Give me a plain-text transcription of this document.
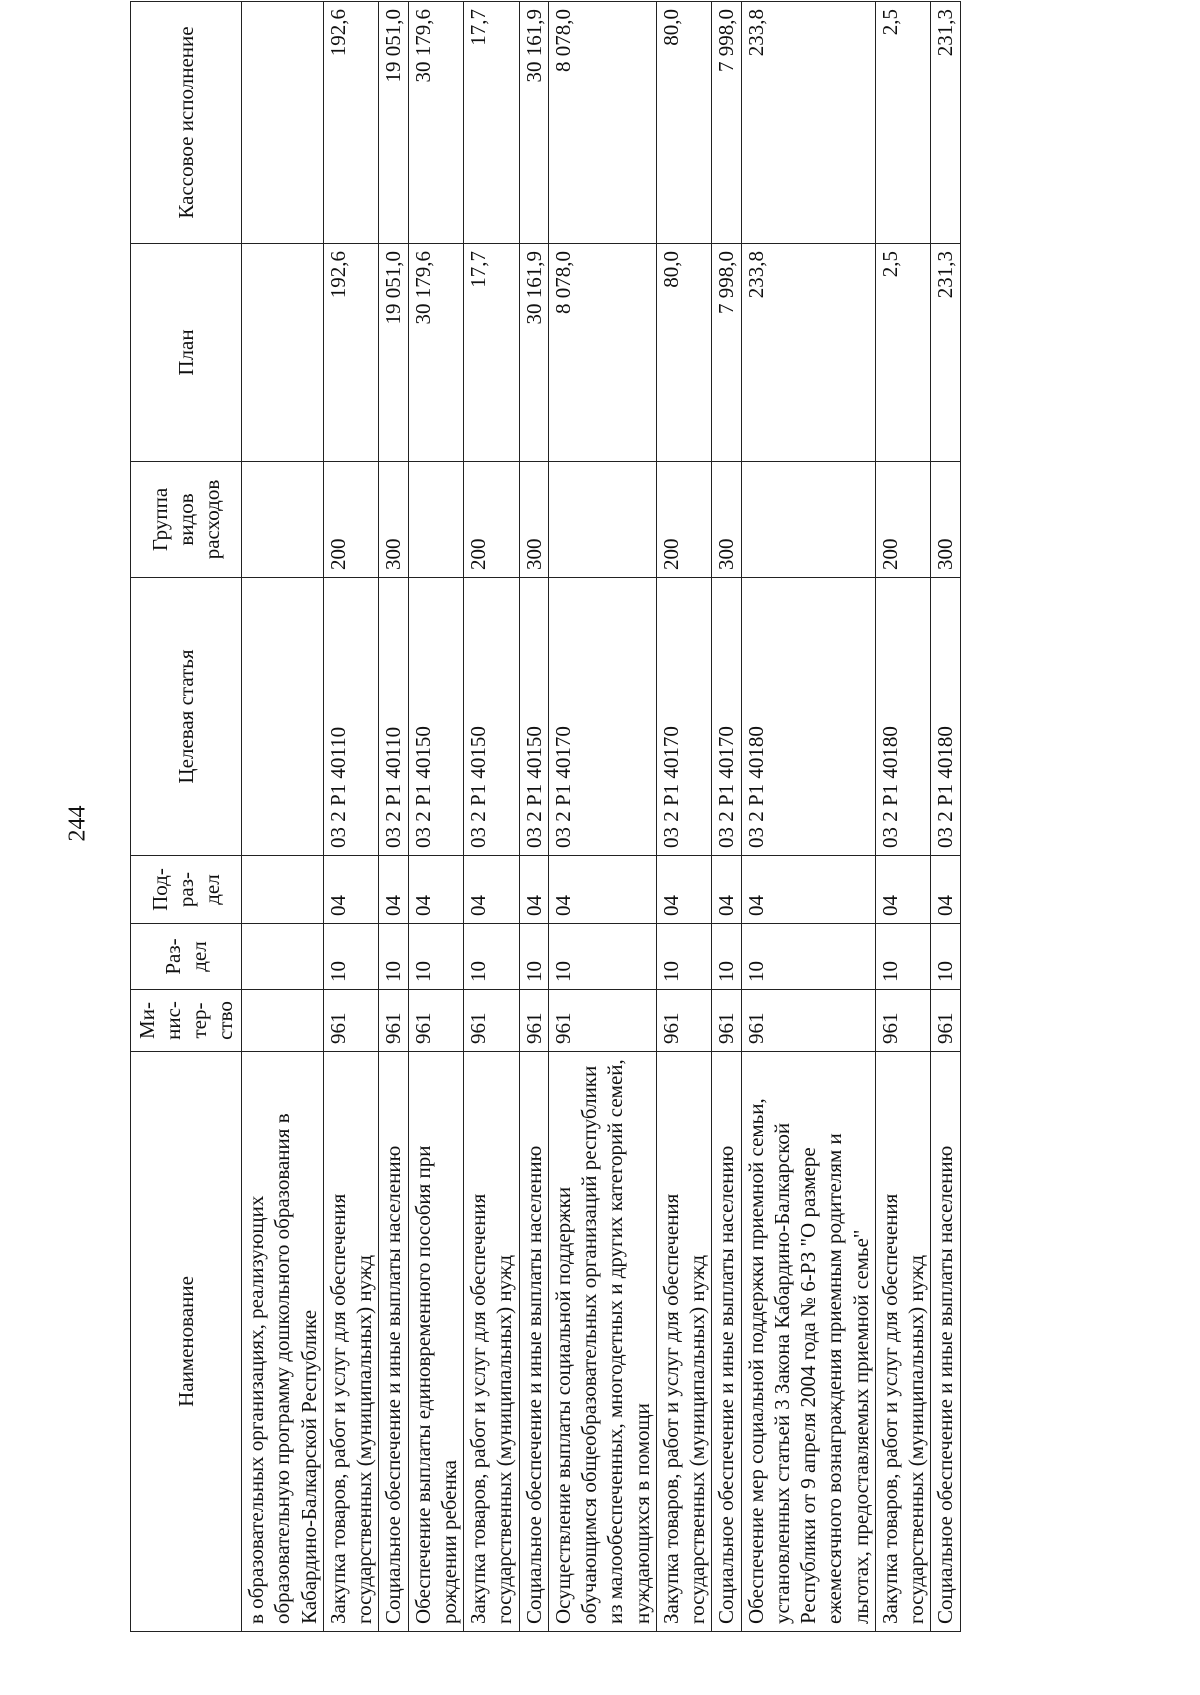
244
Наименование	Ми-нис-тер-ство	Раз-дел	Под-раз-дел	Целевая статья	Группа видов расходов	План	Кассовое исполнение
в образовательных организациях, реализующих образовательную программу дошкольного образования в Кабардино-Балкарской Республике							
Закупка товаров, работ и услуг для обеспечения государственных (муниципальных) нужд	961	10	04	03 2 Р1 40110	200	192,6	192,6
Социальное обеспечение и иные выплаты населению	961	10	04	03 2 Р1 40110	300	19 051,0	19 051,0
Обеспечение выплаты единовременного пособия при рождении ребенка	961	10	04	03 2 Р1 40150		30 179,6	30 179,6
Закупка товаров, работ и услуг для обеспечения государственных (муниципальных) нужд	961	10	04	03 2 Р1 40150	200	17,7	17,7
Социальное обеспечение и иные выплаты населению	961	10	04	03 2 Р1 40150	300	30 161,9	30 161,9
Осуществление выплаты социальной поддержки обучающимся общеобразовательных организаций республики из малообеспеченных, многодетных и других категорий семей, нуждающихся в помощи	961	10	04	03 2 Р1 40170		8 078,0	8 078,0
Закупка товаров, работ и услуг для обеспечения государственных (муниципальных) нужд	961	10	04	03 2 Р1 40170	200	80,0	80,0
Социальное обеспечение и иные выплаты населению	961	10	04	03 2 Р1 40170	300	7 998,0	7 998,0
Обеспечение мер социальной поддержки приемной семьи, установленных статьей 3 Закона Кабардино-Балкарской Республики от 9 апреля 2004 года № 6-РЗ "О размере ежемесячного вознаграждения приемным родителям и льготах, предоставляемых приемной семье"	961	10	04	03 2 Р1 40180		233,8	233,8
Закупка товаров, работ и услуг для обеспечения государственных (муниципальных) нужд	961	10	04	03 2 Р1 40180	200	2,5	2,5
Социальное обеспечение и иные выплаты населению	961	10	04	03 2 Р1 40180	300	231,3	231,3
